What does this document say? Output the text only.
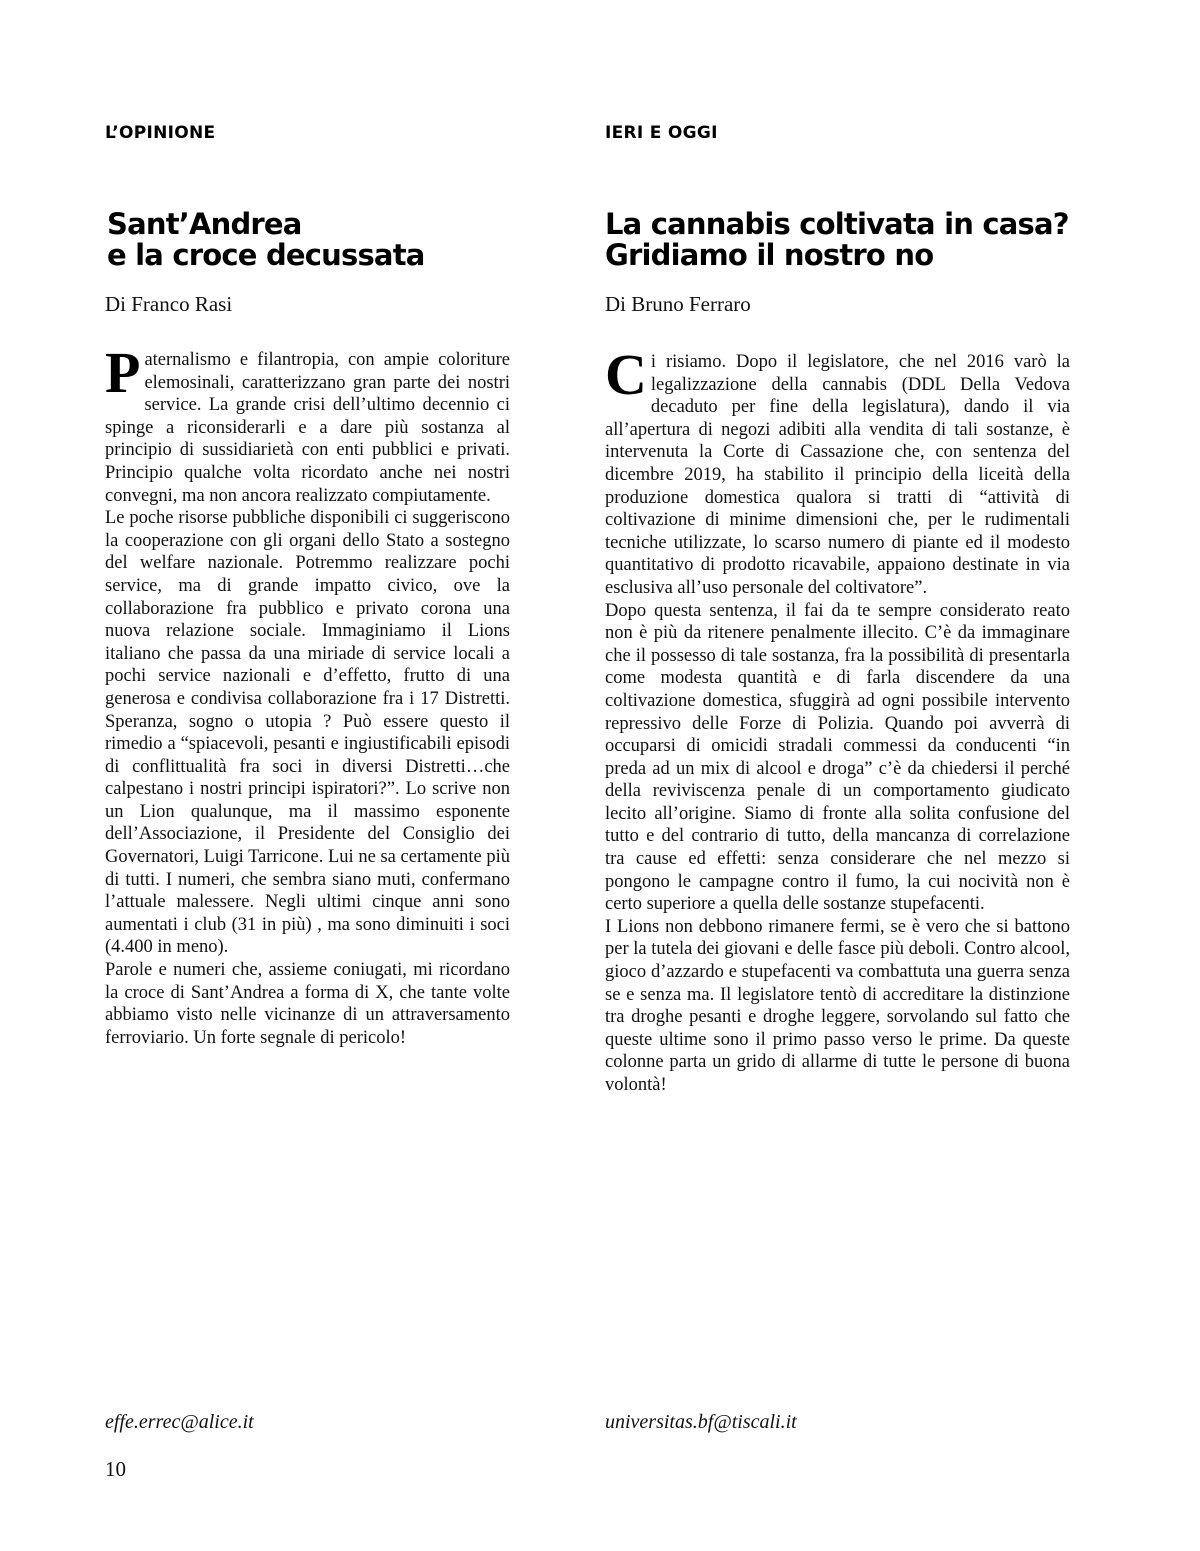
L’OPINIONE
Sant’Andrea
e la croce decussata
Di Franco Rasi

Paternalismo e filantropia, con ampie coloriture elemosinali, caratterizzano gran parte dei nostri service. La grande crisi dell’ultimo decennio ci spinge a riconsiderarli e a dare più sostanza al principio di sussidiarietà con enti pubblici e privati. Principio qualche volta ricordato anche nei nostri convegni, ma non ancora realizzato compiutamente.

Le poche risorse pubbliche disponibili ci suggeriscono la cooperazione con gli organi dello Stato a sostegno del welfare nazionale. Potremmo realizzare pochi service, ma di grande impatto civico, ove la collaborazione fra pubblico e privato corona una nuova relazione sociale. Immaginiamo il Lions italiano che passa da una miriade di service locali a pochi service nazionali e d’effetto, frutto di una generosa e condivisa collaborazione fra i 17 Distretti. Speranza, sogno o utopia ? Può essere questo il rimedio a “spiacevoli, pesanti e ingiustificabili episodi di conflittualità fra soci in diversi Distretti…che calpestano i nostri principi ispiratori?”. Lo scrive non un Lion qualunque, ma il massimo esponente dell’Associazione, il Presidente del Consiglio dei Governatori, Luigi Tarricone. Lui ne sa certamente più di tutti. I numeri, che sembra siano muti, confermano l’attuale malessere. Negli ultimi cinque anni sono aumentati i club (31 in più) , ma sono diminuiti i soci (4.400 in meno).

Parole e numeri che, assieme coniugati, mi ricordano la croce di Sant’Andrea a forma di X, che tante volte abbiamo visto nelle vicinanze di un attraversamento ferroviario. Un forte segnale di pericolo!

effe.errec@alice.it
IERI E OGGI
La cannabis coltivata in casa?
Gridiamo il nostro no
Di Bruno Ferraro

Ci risiamo. Dopo il legislatore, che nel 2016 varò la legalizzazione della cannabis (DDL Della Vedova decaduto per fine della legislatura), dando il via all’apertura di negozi adibiti alla vendita di tali sostanze, è intervenuta la Corte di Cassazione che, con sentenza del dicembre 2019, ha stabilito il principio della liceità della produzione domestica qualora si tratti di “attività di coltivazione di minime dimensioni che, per le rudimentali tecniche utilizzate, lo scarso numero di piante ed il modesto quantitativo di prodotto ricavabile, appaiono destinate in via esclusiva all’uso personale del coltivatore”.

Dopo questa sentenza, il fai da te sempre considerato reato non è più da ritenere penalmente illecito. C’è da immaginare che il possesso di tale sostanza, fra la possibilità di presentarla come modesta quantità e di farla discendere da una coltivazione domestica, sfuggirà ad ogni possibile intervento repressivo delle Forze di Polizia. Quando poi avverrà di occuparsi di omicidi stradali commessi da conducenti “in preda ad un mix di alcool e droga” c’è da chiedersi il perché della reviviscenza penale di un comportamento giudicato lecito all’origine. Siamo di fronte alla solita confusione del tutto e del contrario di tutto, della mancanza di correlazione tra cause ed effetti: senza considerare che nel mezzo si pongono le campagne contro il fumo, la cui nocività non è certo superiore a quella delle sostanze stupefacenti.

I Lions non debbono rimanere fermi, se è vero che si battono per la tutela dei giovani e delle fasce più deboli. Contro alcool, gioco d’azzardo e stupefacenti va combattuta una guerra senza se e senza ma. Il legislatore tentò di accreditare la distinzione tra droghe pesanti e droghe leggere, sorvolando sul fatto che queste ultime sono il primo passo verso le prime. Da queste colonne parta un grido di allarme di tutte le persone di buona volontà!

universitas.bf@tiscali.it
10
